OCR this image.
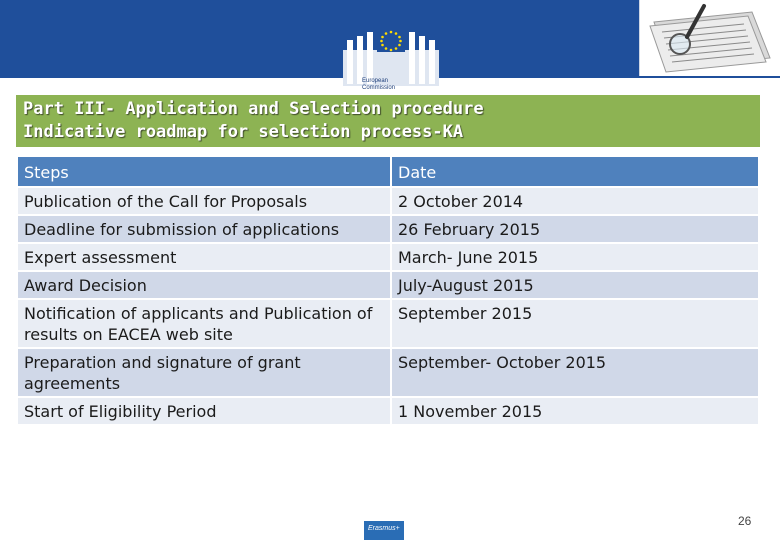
European Commission
Part III- Application and Selection procedure
Indicative roadmap for selection process-KA
Steps	Date
Publication of the Call for Proposals	2 October 2014
Deadline for submission of applications	26 February 2015
Expert assessment	March- June 2015
Award Decision	July-August 2015
Notification of applicants and Publication of results on EACEA web site	September 2015
Preparation and signature of grant agreements	September- October 2015
Start of Eligibility Period	1 November 2015
Erasmus+
26
